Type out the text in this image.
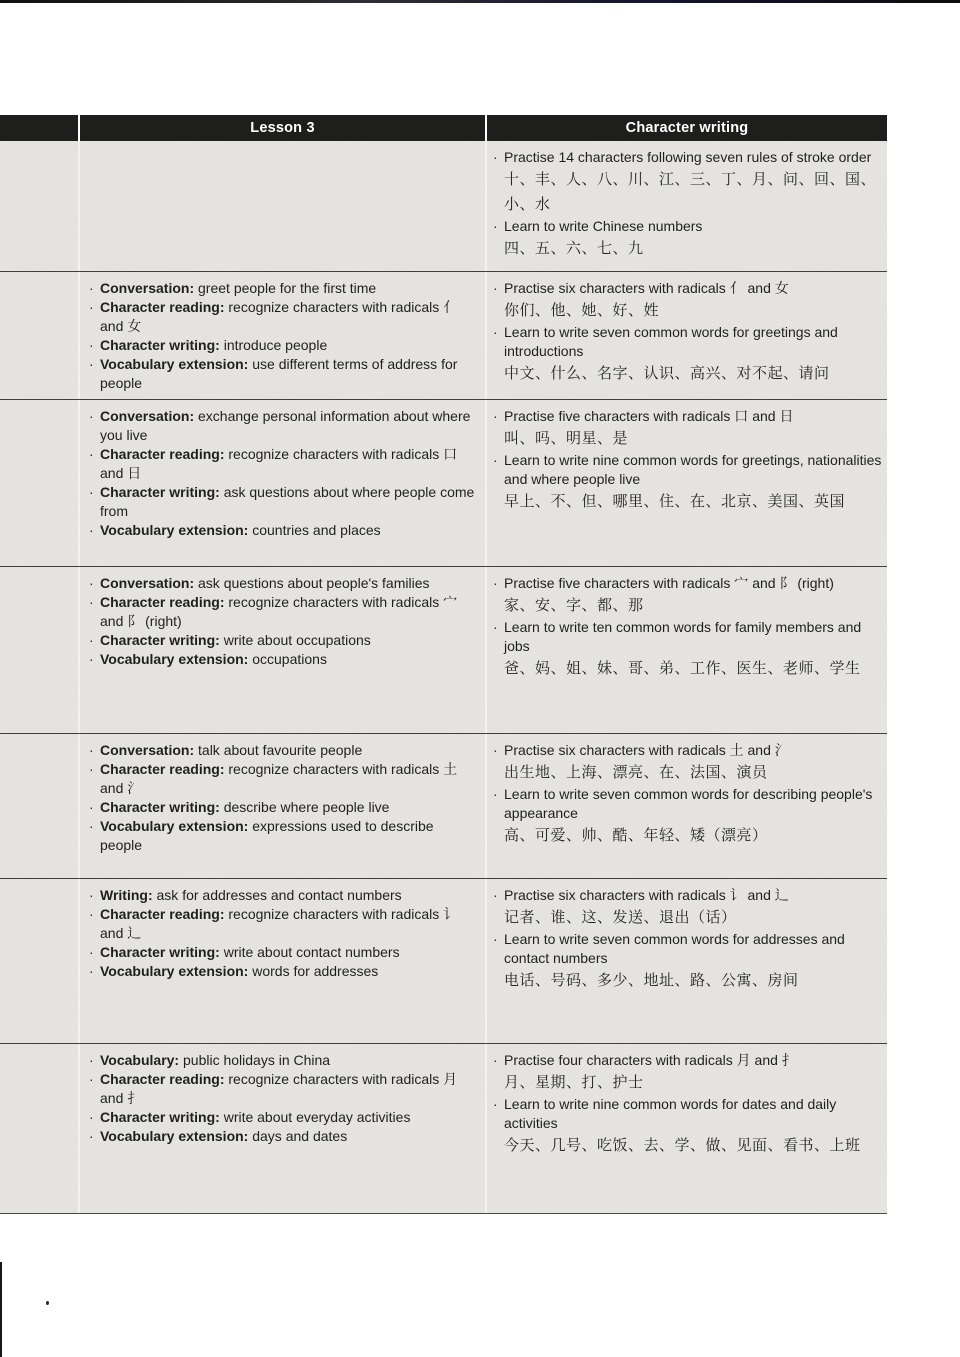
Lesson 3	Character writing
· Practise 14 characters following seven rules of stroke order
十、丰、人、八、川、江、三、丁、月、问、回、国、小、水
· Learn to write Chinese numbers
四、五、六、七、九
· Conversation: greet people for the first time
· Character reading: recognize characters with radicals 亻 and 女
· Character writing: introduce people
· Vocabulary extension: use different terms of address for people
· Practise six characters with radicals 亻 and 女
你们、他、她、好、姓
· Learn to write seven common words for greetings and introductions
中文、什么、名字、认识、高兴、对不起、请问
· Conversation: exchange personal information about where you live
· Character reading: recognize characters with radicals 口 and 日
· Character writing: ask questions about where people come from
· Vocabulary extension: countries and places
· Practise five characters with radicals 口 and 日
叫、吗、明星、是
· Learn to write nine common words for greetings, nationalities and where people live
早上、不、但、哪里、住、在、北京、美国、英国
· Conversation: ask questions about people's families
· Character reading: recognize characters with radicals 宀 and 阝 (right)
· Character writing: write about occupations
· Vocabulary extension: occupations
· Practise five characters with radicals 宀 and 阝 (right)
家、安、字、都、那
· Learn to write ten common words for family members and jobs
爸、妈、姐、妹、哥、弟、工作、医生、老师、学生
· Conversation: talk about favourite people
· Character reading: recognize characters with radicals 土 and 氵
· Character writing: describe where people live
· Vocabulary extension: expressions used to describe people
· Practise six characters with radicals 土 and 氵
出生地、上海、漂亮、在、法国、演员
· Learn to write seven common words for describing people's appearance
高、可爱、帅、酷、年轻、矮（漂亮）
· Writing: ask for addresses and contact numbers
· Character reading: recognize characters with radicals 讠 and 辶
· Character writing: write about contact numbers
· Vocabulary extension: words for addresses
· Practise six characters with radicals 讠 and 辶
记者、谁、这、发送、退出（话）
· Learn to write seven common words for addresses and contact numbers
电话、号码、多少、地址、路、公寓、房间
· Vocabulary: public holidays in China
· Character reading: recognize characters with radicals 月 and 扌
· Character writing: write about everyday activities
· Vocabulary extension: days and dates
· Practise four characters with radicals 月 and 扌
月、星期、打、护士
· Learn to write nine common words for dates and daily activities
今天、几号、吃饭、去、学、做、见面、看书、上班
